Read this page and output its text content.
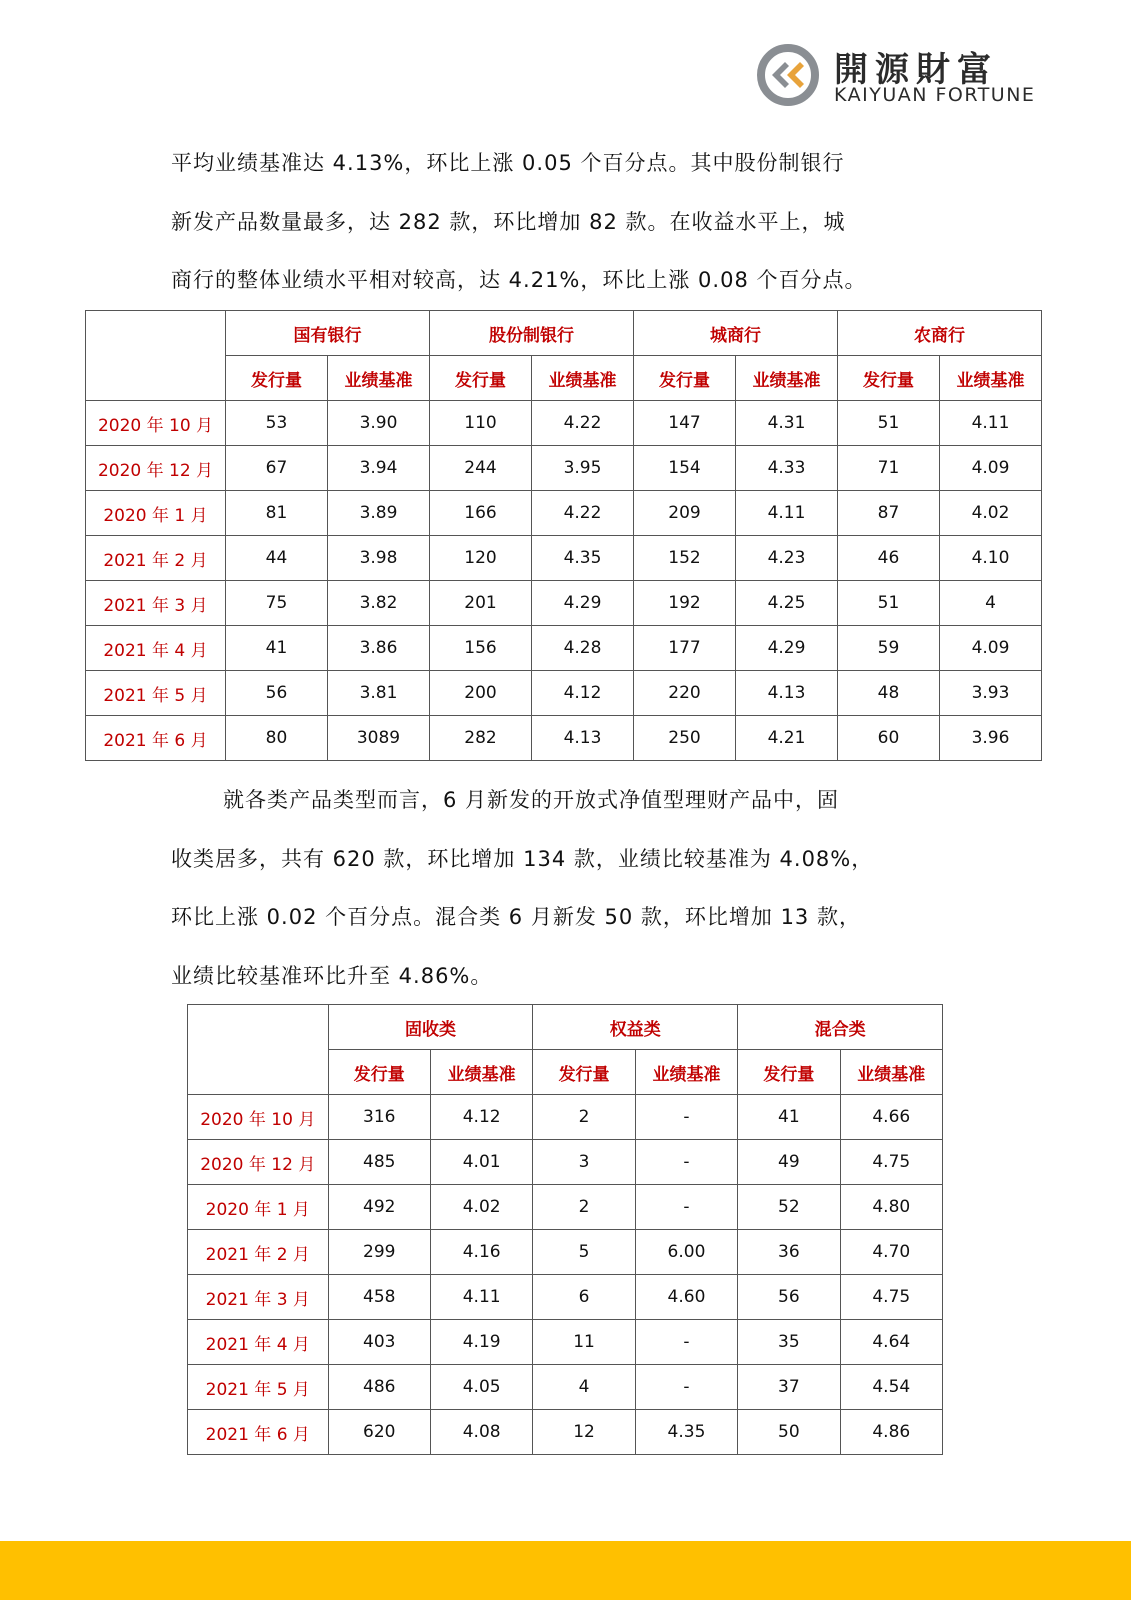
開源財富
KAIYUAN FORTUNE
平均业绩基准达 4.13%，环比上涨 0.05 个百分点。其中股份制银行
新发产品数量最多，达 282 款，环比增加 82 款。在收益水平上，城
商行的整体业绩水平相对较高，达 4.21%，环比上涨 0.08 个百分点。
	国有银行		股份制银行		城商行		农商行	
	发行量	业绩基准	发行量	业绩基准	发行量	业绩基准	发行量	业绩基准
2020 年 10 月	53	3.90	110	4.22	147	4.31	51	4.11
2020 年 12 月	67	3.94	244	3.95	154	4.33	71	4.09
2020 年 1 月	81	3.89	166	4.22	209	4.11	87	4.02
2021 年 2 月	44	3.98	120	4.35	152	4.23	46	4.10
2021 年 3 月	75	3.82	201	4.29	192	4.25	51	4
2021 年 4 月	41	3.86	156	4.28	177	4.29	59	4.09
2021 年 5 月	56	3.81	200	4.12	220	4.13	48	3.93
2021 年 6 月	80	3089	282	4.13	250	4.21	60	3.96
就各类产品类型而言，6 月新发的开放式净值型理财产品中，固
收类居多，共有 620 款，环比增加 134 款，业绩比较基准为 4.08%，
环比上涨 0.02 个百分点。混合类 6 月新发 50 款，环比增加 13 款，
业绩比较基准环比升至 4.86%。
	固收类		权益类		混合类	
	发行量	业绩基准	发行量	业绩基准	发行量	业绩基准
2020 年 10 月	316	4.12	2	-	41	4.66
2020 年 12 月	485	4.01	3	-	49	4.75
2020 年 1 月	492	4.02	2	-	52	4.80
2021 年 2 月	299	4.16	5	6.00	36	4.70
2021 年 3 月	458	4.11	6	4.60	56	4.75
2021 年 4 月	403	4.19	11	-	35	4.64
2021 年 5 月	486	4.05	4	-	37	4.54
2021 年 6 月	620	4.08	12	4.35	50	4.86
